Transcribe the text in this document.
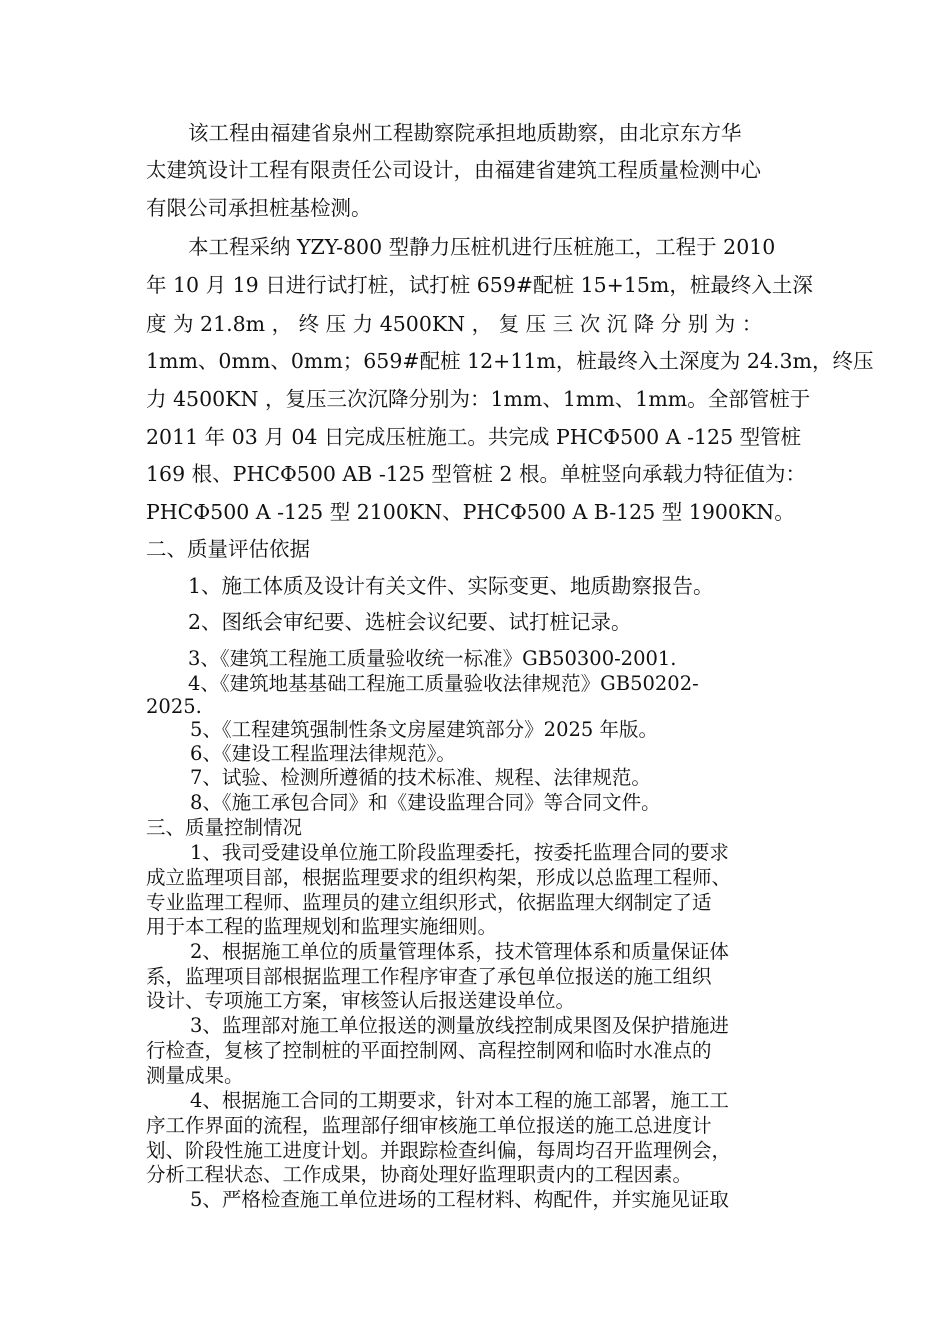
该工程由福建省泉州工程勘察院承担地质勘察，由北京东方华
太建筑设计工程有限责任公司设计，由福建省建筑工程质量检测中心
有限公司承担桩基检测。
本工程采纳 YZY-800 型静力压桩机进行压桩施工，工程于 2010
年 10 月 19 日进行试打桩，试打桩 659#配桩 15+15m，桩最终入土深
度 为 21.8m ， 终 压 力 4500KN ， 复 压 三 次 沉 降 分 别 为 ：
1mm、0mm、0mm；659#配桩 12+11m，桩最终入土深度为 24.3m，终压
力 4500KN ，复压三次沉降分别为：1mm、1mm、1mm。全部管桩于
2011 年 03 月 04 日完成压桩施工。共完成 PHCΦ500 A -125 型管桩
169 根、PHCΦ500 AB -125 型管桩 2 根。单桩竖向承载力特征值为：
PHCΦ500 A -125 型 2100KN、PHCΦ500 A B-125 型 1900KN。
二、质量评估依据
1、施工体质及设计有关文件、实际变更、地质勘察报告。
2、图纸会审纪要、选桩会议纪要、试打桩记录。
3、《建筑工程施工质量验收统一标准》GB50300-2001.
4、《建筑地基基础工程施工质量验收法律规范》GB50202-
2025.
5、《工程建筑强制性条文房屋建筑部分》2025 年版。
6、《建设工程监理法律规范》。
7、试验、检测所遵循的技术标准、规程、法律规范。
8、《施工承包合同》和《建设监理合同》等合同文件。
三、质量控制情况
1、我司受建设单位施工阶段监理委托，按委托监理合同的要求
成立监理项目部，根据监理要求的组织构架，形成以总监理工程师、
专业监理工程师、监理员的建立组织形式，依据监理大纲制定了适
用于本工程的监理规划和监理实施细则。
2、根据施工单位的质量管理体系，技术管理体系和质量保证体
系，监理项目部根据监理工作程序审查了承包单位报送的施工组织
设计、专项施工方案，审核签认后报送建设单位。
3、监理部对施工单位报送的测量放线控制成果图及保护措施进
行检查，复核了控制桩的平面控制网、高程控制网和临时水准点的
测量成果。
4、根据施工合同的工期要求，针对本工程的施工部署，施工工
序工作界面的流程，监理部仔细审核施工单位报送的施工总进度计
划、阶段性施工进度计划。并跟踪检查纠偏，每周均召开监理例会，
分析工程状态、工作成果，协商处理好监理职责内的工程因素。
5、严格检查施工单位进场的工程材料、构配件，并实施见证取
